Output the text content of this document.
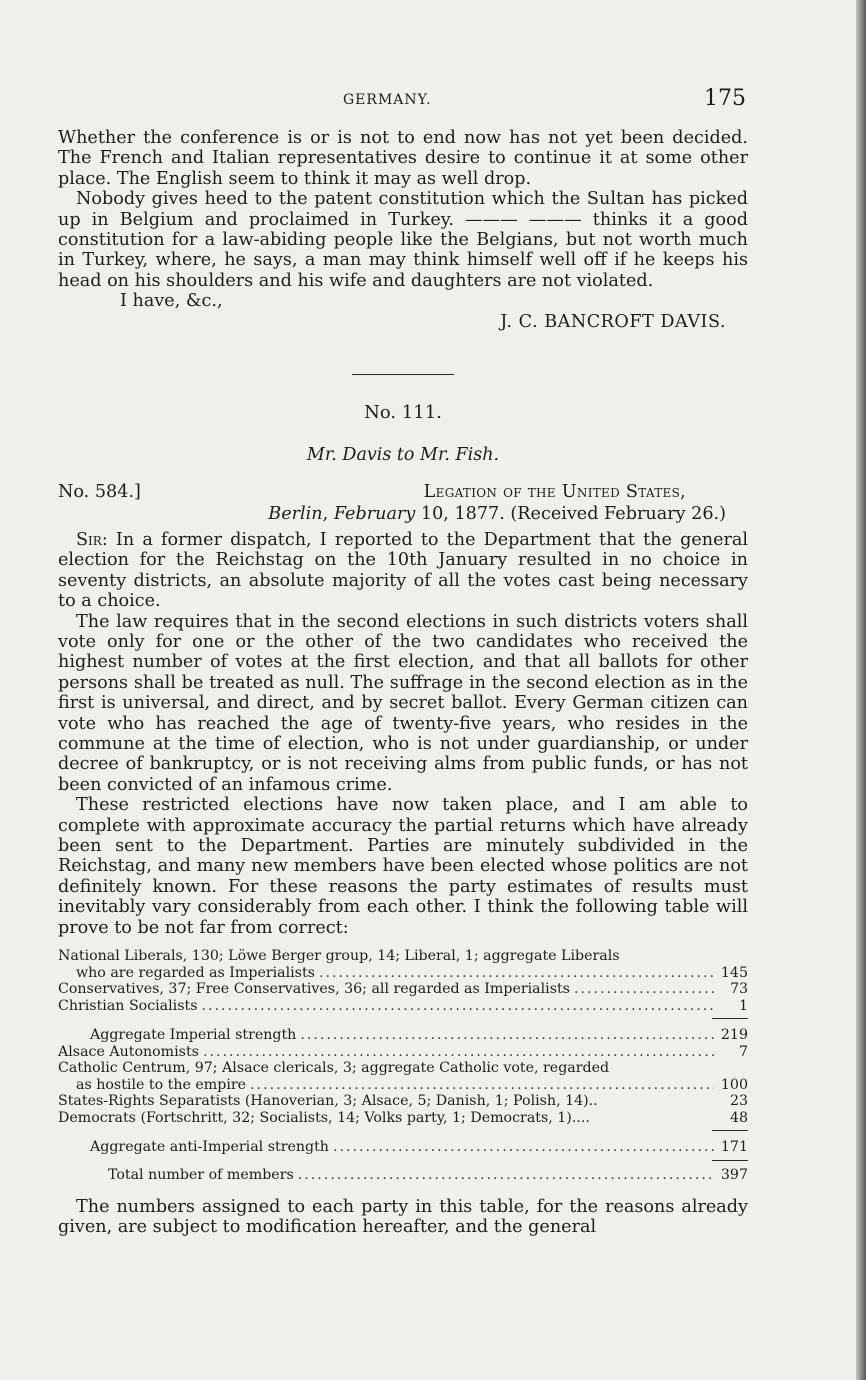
GERMANY.	175

Whether the conference is or is not to end now has not yet been decided. The French and Italian representatives desire to continue it at some other place. The English seem to think it may as well drop.

Nobody gives heed to the patent constitution which the Sultan has picked up in Belgium and proclaimed in Turkey. ——— ——— thinks it a good constitution for a law-abiding people like the Belgians, but not worth much in Turkey, where, he says, a man may think himself well off if he keeps his head on his shoulders and his wife and daughters are not violated.

I have, &c.,

J. C. BANCROFT DAVIS.

No. 111.
Mr. Davis to Mr. Fish.
No. 584.]	Legation of the United States,
Berlin, February 10, 1877. (Received February 26.)

Sir: In a former dispatch, I reported to the Department that the general election for the Reichstag on the 10th January resulted in no choice in seventy districts, an absolute majority of all the votes cast being necessary to a choice.

The law requires that in the second elections in such districts voters shall vote only for one or the other of the two candidates who received the highest number of votes at the first election, and that all ballots for other persons shall be treated as null. The suffrage in the second election as in the first is universal, and direct, and by secret ballot. Every German citizen can vote who has reached the age of twenty-five years, who resides in the commune at the time of election, who is not under guardianship, or under decree of bankruptcy, or is not receiving alms from public funds, or has not been convicted of an infamous crime.

These restricted elections have now taken place, and I am able to complete with approximate accuracy the partial returns which have already been sent to the Department. Parties are minutely subdivided in the Reichstag, and many new members have been elected whose politics are not definitely known. For these reasons the party estimates of results must inevitably vary considerably from each other. I think the following table will prove to be not far from correct:

National Liberals, 130; Löwe Berger group, 14; Liberal, 1; aggregate Liberals
who are regarded as Imperialists .....	145
Conservatives, 37; Free Conservatives, 36; all regarded as Imperialists .....	73
Christian Socialists .....	1
Aggregate Imperial strength .....	219
Alsace Autonomists .....	7
Catholic Centrum, 97; Alsace clericals, 3; aggregate Catholic vote, regarded
as hostile to the empire .....	100
States-Rights Separatists (Hanoverian, 3; Alsace, 5; Danish, 1; Polish, 14)..	23
Democrats (Fortschritt, 32; Socialists, 14; Volks party, 1; Democrats, 1)....	48
Aggregate anti-Imperial strength .....	171
Total number of members .....	397

The numbers assigned to each party in this table, for the reasons already given, are subject to modification hereafter, and the general
